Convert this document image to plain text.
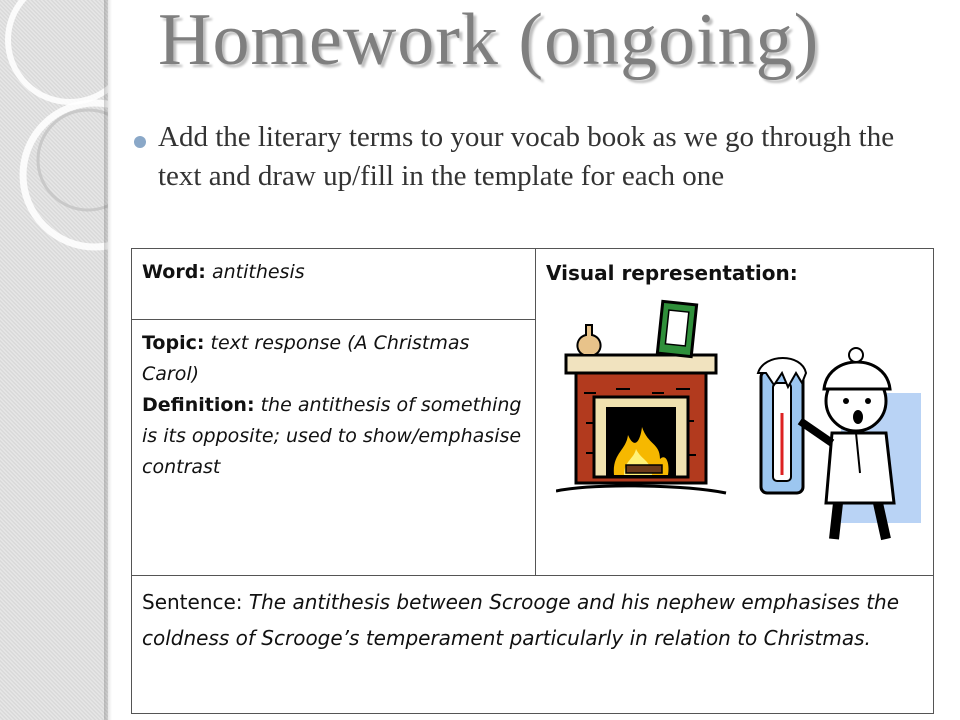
Homework (ongoing)
Add the literary terms to your vocab book as we go through the text and draw up/fill in the template for each one
Word: antithesis	Visual representation:

Topic: text response (A Christmas Carol)
Definition: the antithesis of something is its opposite; used to show/emphasise contrast
Sentence: The antithesis between Scrooge and his nephew emphasises the coldness of Scrooge’s temperament particularly in relation to Christmas.
